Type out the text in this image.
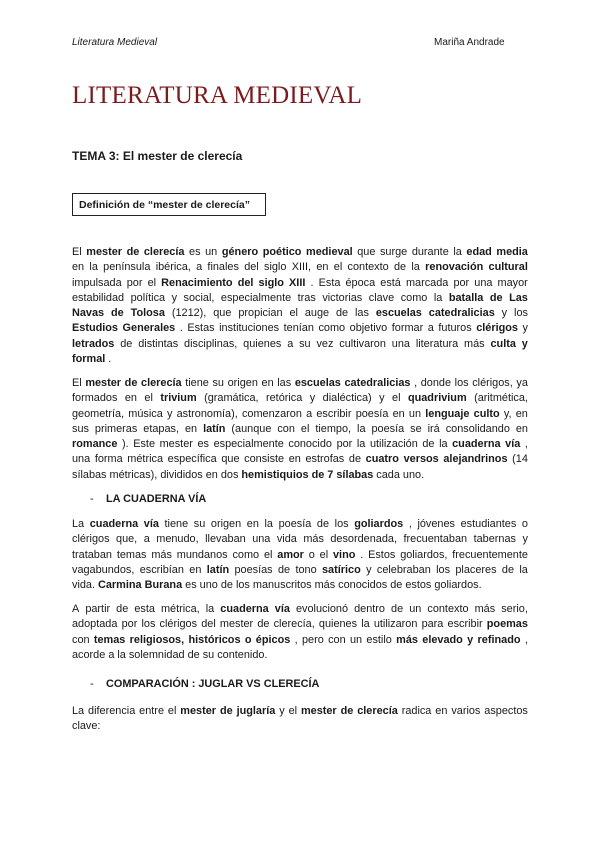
Literatura Medieval	Mariña Andrade
LITERATURA MEDIEVAL
TEMA 3: El mester de clerecía
Definición de “mester de clerecía”
El mester de clerecía es un género poético medieval que surge durante la edad media
en la península ibérica, a finales del siglo XIII, en el contexto de la renovación cultural
impulsada por el Renacimiento del siglo XIII . Esta época está marcada por una mayor
estabilidad política y social, especialmente tras victorias clave como la batalla de Las
Navas de Tolosa (1212), que propician el auge de las escuelas catedralicias y los
Estudios Generales . Estas instituciones tenían como objetivo formar a futuros clérigos y
letrados de distintas disciplinas, quienes a su vez cultivaron una literatura más culta y
formal .
El mester de clerecía tiene su origen en las escuelas catedralicias , donde los clérigos, ya
formados en el trivium (gramática, retórica y dialéctica) y el quadrivium (aritmética,
geometría, música y astronomía), comenzaron a escribir poesía en un lenguaje culto y, en
sus primeras etapas, en latín (aunque con el tiempo, la poesía se irá consolidando en
romance ). Este mester es especialmente conocido por la utilización de la cuaderna vía ,
una forma métrica específica que consiste en estrofas de cuatro versos alejandrinos (14
sílabas métricas), divididos en dos hemistiquios de 7 sílabas cada uno.
- LA CUADERNA VÍA
La cuaderna vía tiene su origen en la poesía de los goliardos , jóvenes estudiantes o
clérigos que, a menudo, llevaban una vida más desordenada, frecuentaban tabernas y
trataban temas más mundanos como el amor o el vino . Estos goliardos, frecuentemente
vagabundos, escribían en latín poesías de tono satírico y celebraban los placeres de la
vida. Carmina Burana es uno de los manuscritos más conocidos de estos goliardos.
A partir de esta métrica, la cuaderna vía evolucionó dentro de un contexto más serio,
adoptada por los clérigos del mester de clerecía, quienes la utilizaron para escribir poemas
con temas religiosos, históricos o épicos , pero con un estilo más elevado y refinado ,
acorde a la solemnidad de su contenido.
- COMPARACIÓN : JUGLAR VS CLERECÍA
La diferencia entre el mester de juglaría y el mester de clerecía radica en varios aspectos
clave:
